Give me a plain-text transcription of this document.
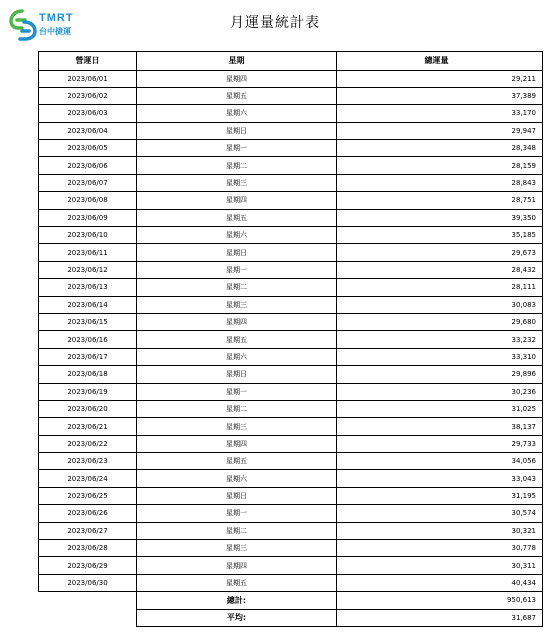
TMRT
台中捷運
月運量統計表
營運日	星期	總運量
2023/06/01	星期四	29,211
2023/06/02	星期五	37,389
2023/06/03	星期六	33,170
2023/06/04	星期日	29,947
2023/06/05	星期一	28,348
2023/06/06	星期二	28,159
2023/06/07	星期三	28,843
2023/06/08	星期四	28,751
2023/06/09	星期五	39,350
2023/06/10	星期六	35,185
2023/06/11	星期日	29,673
2023/06/12	星期一	28,432
2023/06/13	星期二	28,111
2023/06/14	星期三	30,083
2023/06/15	星期四	29,680
2023/06/16	星期五	33,232
2023/06/17	星期六	33,310
2023/06/18	星期日	29,896
2023/06/19	星期一	30,236
2023/06/20	星期二	31,025
2023/06/21	星期三	38,137
2023/06/22	星期四	29,733
2023/06/23	星期五	34,056
2023/06/24	星期六	33,043
2023/06/25	星期日	31,195
2023/06/26	星期一	30,574
2023/06/27	星期二	30,321
2023/06/28	星期三	30,778
2023/06/29	星期四	30,311
2023/06/30	星期五	40,434
	總計:	950,613
	平均:	31,687
